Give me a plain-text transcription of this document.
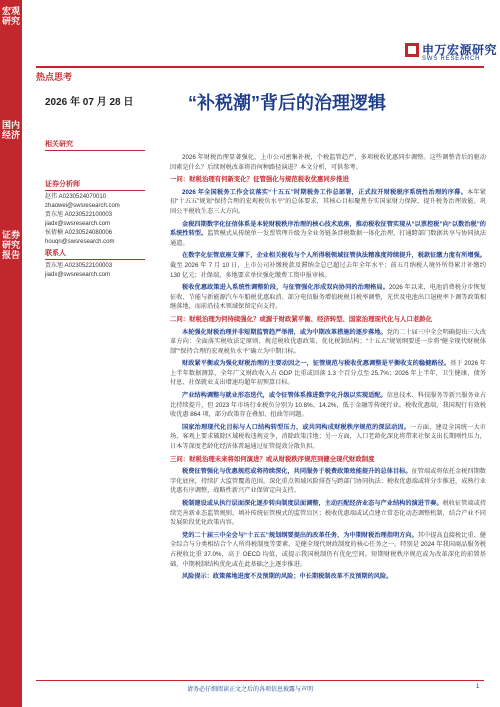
宏观研究
国内经济
证券研究报告
申万宏源研究
SWS RESEARCH
热点思考
2026 年 07 月 28 日	“补税潮”背后的治理逻辑
相关研究
证券分析师
赵伟 A0230524070010
zhaowei@swsresearch.com
贾东旭 A0230522100003
jiadx@swsresearch.com
侯倩楠 A0230524080006
houqn@swsresearch.com
联系人
贾东旭 A0230522100003
jiadx@swsresearch.com

2026 年财税治理显著强化，上市公司密集补税，个税监管趋严，多项税收优惠同步调整。这些调整背后的驱动因素是什么？后续财税改革将沿何种路径演进？本文分析，可供参考。

一问：财税治理有何新变化？征管强化与规范税收优惠同步推进

2026 年全国税务工作会议落实“十五五”时期税务工作总部署，正式拉开财税税序系统性治理的序幕。本年紧扣“十五五”规划“保持合理的宏观税负水平”的总体要求，其核心目标聚焦夯实国家财力保障、提升税务治理效能、巩固公平税收生态三大方向。

金税四期数字化征信体系是本轮财税秩序治理的核心技术底座，推动税收征管实现从“以票控税”向“以数治税”的系统性转型。监管模式从传统单一发票管理升级为全业务链条涉税数据一体化治理，打通跨部门数据共享与协同执法通道。

在数字化征管底座支撑下，企业相关税收与个人所得税领域征管执法精准度持续提升，税款征缴力度有所增强。截至 2026 年 7 月 10 日，上市公司补缴税款及滞纳金总已超过去年全年水平；前五月纳税人境外所得累计补缴约 130 亿元；社保端，多地要求单位强化缴费工资申报审核。

税收优惠政策进入系统性调整阶段，与征管强化形成双向协同的治理格局。2026 年以来，电池消费税分步恢复征收、节能与新能源汽车车船税优惠取消、部分电信服务增值税税目税率调整，光伏及电池出口退税率下调等政策相继落地，而前沿技术领域保留定向支持。

二问：财税治理为何持续强化？或源于财政紧平衡、经济转型、国家治理现代化与人口老龄化

本轮强化财税治理并非短期监管趋严举措，或为中期改革措施的逐步落地。党的二十届三中全会明确提出三大改革方向：全面落实税收法定原则、规范税收优惠政策、优化税制结构；“十五五”规划纲要进一步将“健全现代财税体制”“保持合理的宏观税负水平”确立为中期目标。

财政紧平衡或为强化财税治理的主要动因之一，征管规范与税收优惠调整是平衡收支的稳健路径。基于 2026 年上半年数据测算，全年广义财政收入占 GDP 比重或回落 1.3 个百分点至 25.7%；2026 年上半年，卫生健康、债务付息、社保就业支出增速均超年初预算目标。

产业结构调整与就业形态迭代，或令征管体系推进数字化升级以实现适配。信息技术、科技服务等新兴服务业占比持续提升，但 2023 年市场行业税负分别为 10.8%、14.2%，低于金融等传统行业。税收优惠端，我国现行有效税收优惠 864 项，部分政策存在叠加、扭曲等问题。

国家治理现代化目标与人口结构转型压力，或共同构成财税秩序规范的深层动因。一方面，建设全国统一大市场，客观上要求破除区域税收违规竞争，消除政策洼地；另一方面，人口老龄化深化将带来社保支出长期刚性压力，日本等深度老龄化经济体普遍通过征管提效分散负担。

三问：财税治理未来将如何演进？或从财税秩序规范到健全现代财政制度

税费征管强化与优惠规范或将持续深化，共同服务于税费政策效能提升的总体目标。征管端或将依托金税四期数字化底座，持续扩大监管覆盖范围，深化重点领域风险排查与跨部门协同执法；税收优惠端或将分步推进，成熟行业优惠有序调整，战略性新兴产业保留定向支持。

税制建设或从执行层面深化逐步转向制度层面调整，主动匹配经济业态与产业结构的演进节奏。税收征管端或持续完善新业态监管规则，填补传统征管模式的监管盲区；税收优惠端或试点建立常态化动态调整机制，结合产业不同发展阶段优化政策内容。

党的二十届三中全会与“十五五”规划纲要提出的改革任务，为中期财税治理指明方向。其中提高直接税比重、健全综合与分类相结合个人所得税制度等要素，是健全现代财政制度的核心任务之一。特别是 2024 年我国商品服务税占税收比重 37.0%，高于 OECD 均值，或提示我国税制仍有优化空间。短期财税秩序规范或为改革深化的前置基础，中期税制结构优化或在此基础之上逐步推进。

风险提示：政策落地进度不及预期的风险；中长期税制改革不及预期的风险。

请务必仔细阅读正文之后的各项信息披露与声明	1
